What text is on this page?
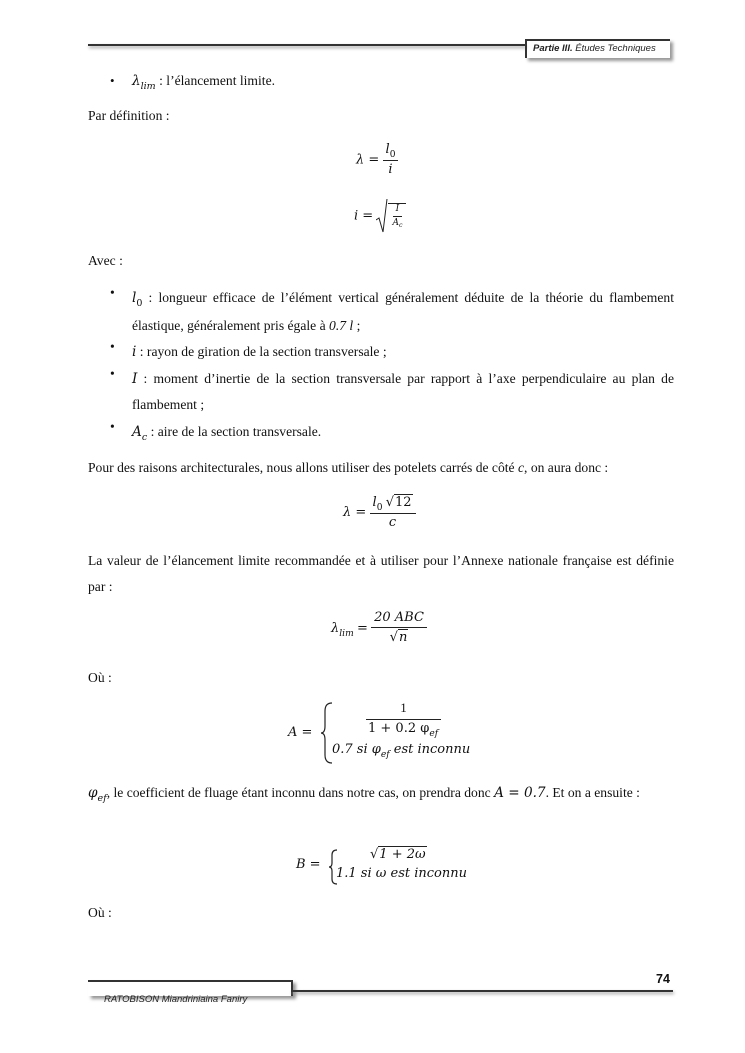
Partie III. Études Techniques
• $\lambda_{lim}$ : l’élancement limite.
Par définition :
$\lambda = \frac{l_0}{i}$
$i = \frac{I}{A_c}$
Avec :
• $l_0$ : longueur efficace de l’élément vertical généralement déduite de la théorie du flambement élastique, généralement pris égale à 0.7 l ;
• i : rayon de giration de la section transversale ;
• I : moment d’inertie de la section transversale par rapport à l’axe perpendiculaire au plan de flambement ;
• $A_c$ : aire de la section transversale.
Pour des raisons architecturales, nous allons utiliser des potelets carrés de côté c, on aura donc :
$\lambda = \frac{l_0 √12}{c}$
La valeur de l’élancement limite recommandée et à utiliser pour l’Annexe nationale française est définie par :
$\lambda_{lim} = \frac{\text{20 ABC}}{√n}$
Où :
A =
1
1 + 0.2 $\varphi_{ef}$
0.7 si $\varphi_{ef}$ est inconnu
$\varphi_{ef}$, le coefficient de fluage étant inconnu dans notre cas, on prendra donc A = 0.7. Et on a ensuite :
B =
√1 + 2ω
1.1 si ω est inconnu
Où :
74
RATOBISON Miandriniaina Faniry
